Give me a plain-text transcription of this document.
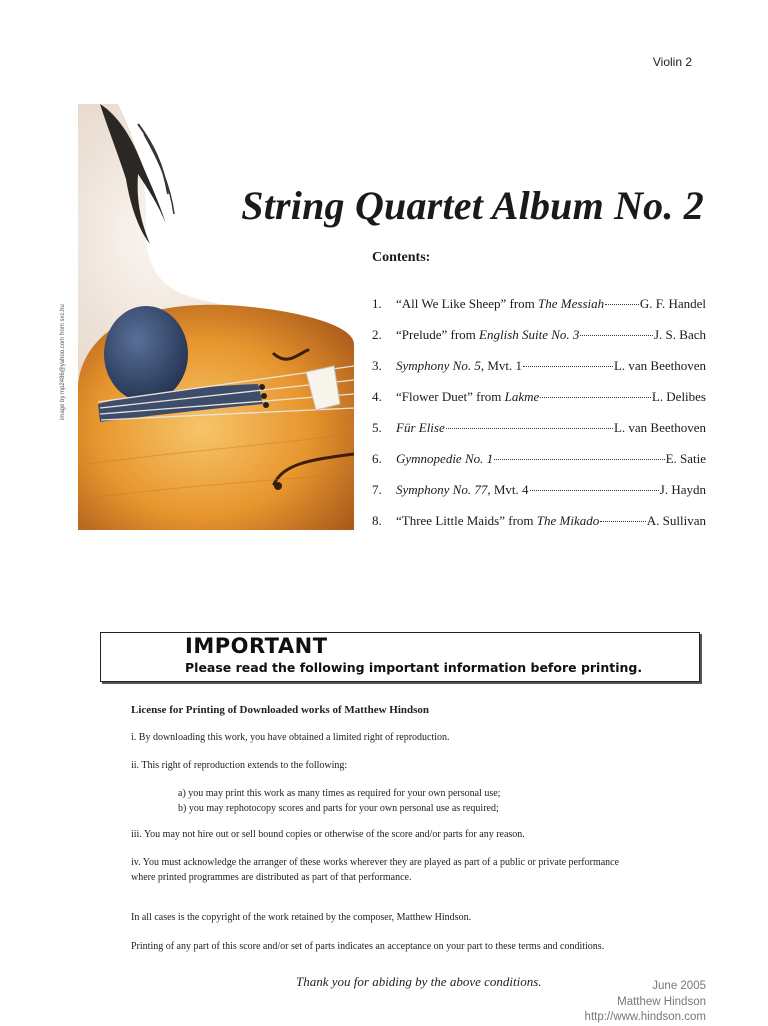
Violin 2
image by mp2486@yahoo.com from sxc.hu
String Quartet Album No. 2
Contents:
1.	“All We Like Sheep” from The Messiah	G. F. Handel
2.	“Prelude” from English Suite No. 3	J. S. Bach
3.	Symphony No. 5, Mvt. 1	L. van Beethoven
4.	“Flower Duet” from Lakme	L. Delibes
5.	Für Elise	L. van Beethoven
6.	Gymnopedie No. 1	E. Satie
7.	Symphony No. 77, Mvt. 4	J. Haydn
8.	“Three Little Maids” from The Mikado	A. Sullivan
IMPORTANT
Please read the following important information before printing.
License for Printing of Downloaded works of Matthew Hindson
i. By downloading this work, you have obtained a limited right of reproduction.
ii. This right of reproduction extends to the following:
a) you may print this work as many times as required for your own personal use;
b) you may rephotocopy scores and parts for your own personal use as required;
iii. You may not hire out or sell bound copies or otherwise of the score and/or parts for any reason.
iv. You must acknowledge the arranger of these works wherever they are played as part of a public or private performance
where printed programmes are distributed as part of that performance.
In all cases is the copyright of the work retained by the composer, Matthew Hindson.
Printing of any part of this score and/or set of parts indicates an acceptance on your part to these terms and conditions.
Thank you for abiding by the above conditions.	June 2005
Matthew Hindson
http://www.hindson.com
